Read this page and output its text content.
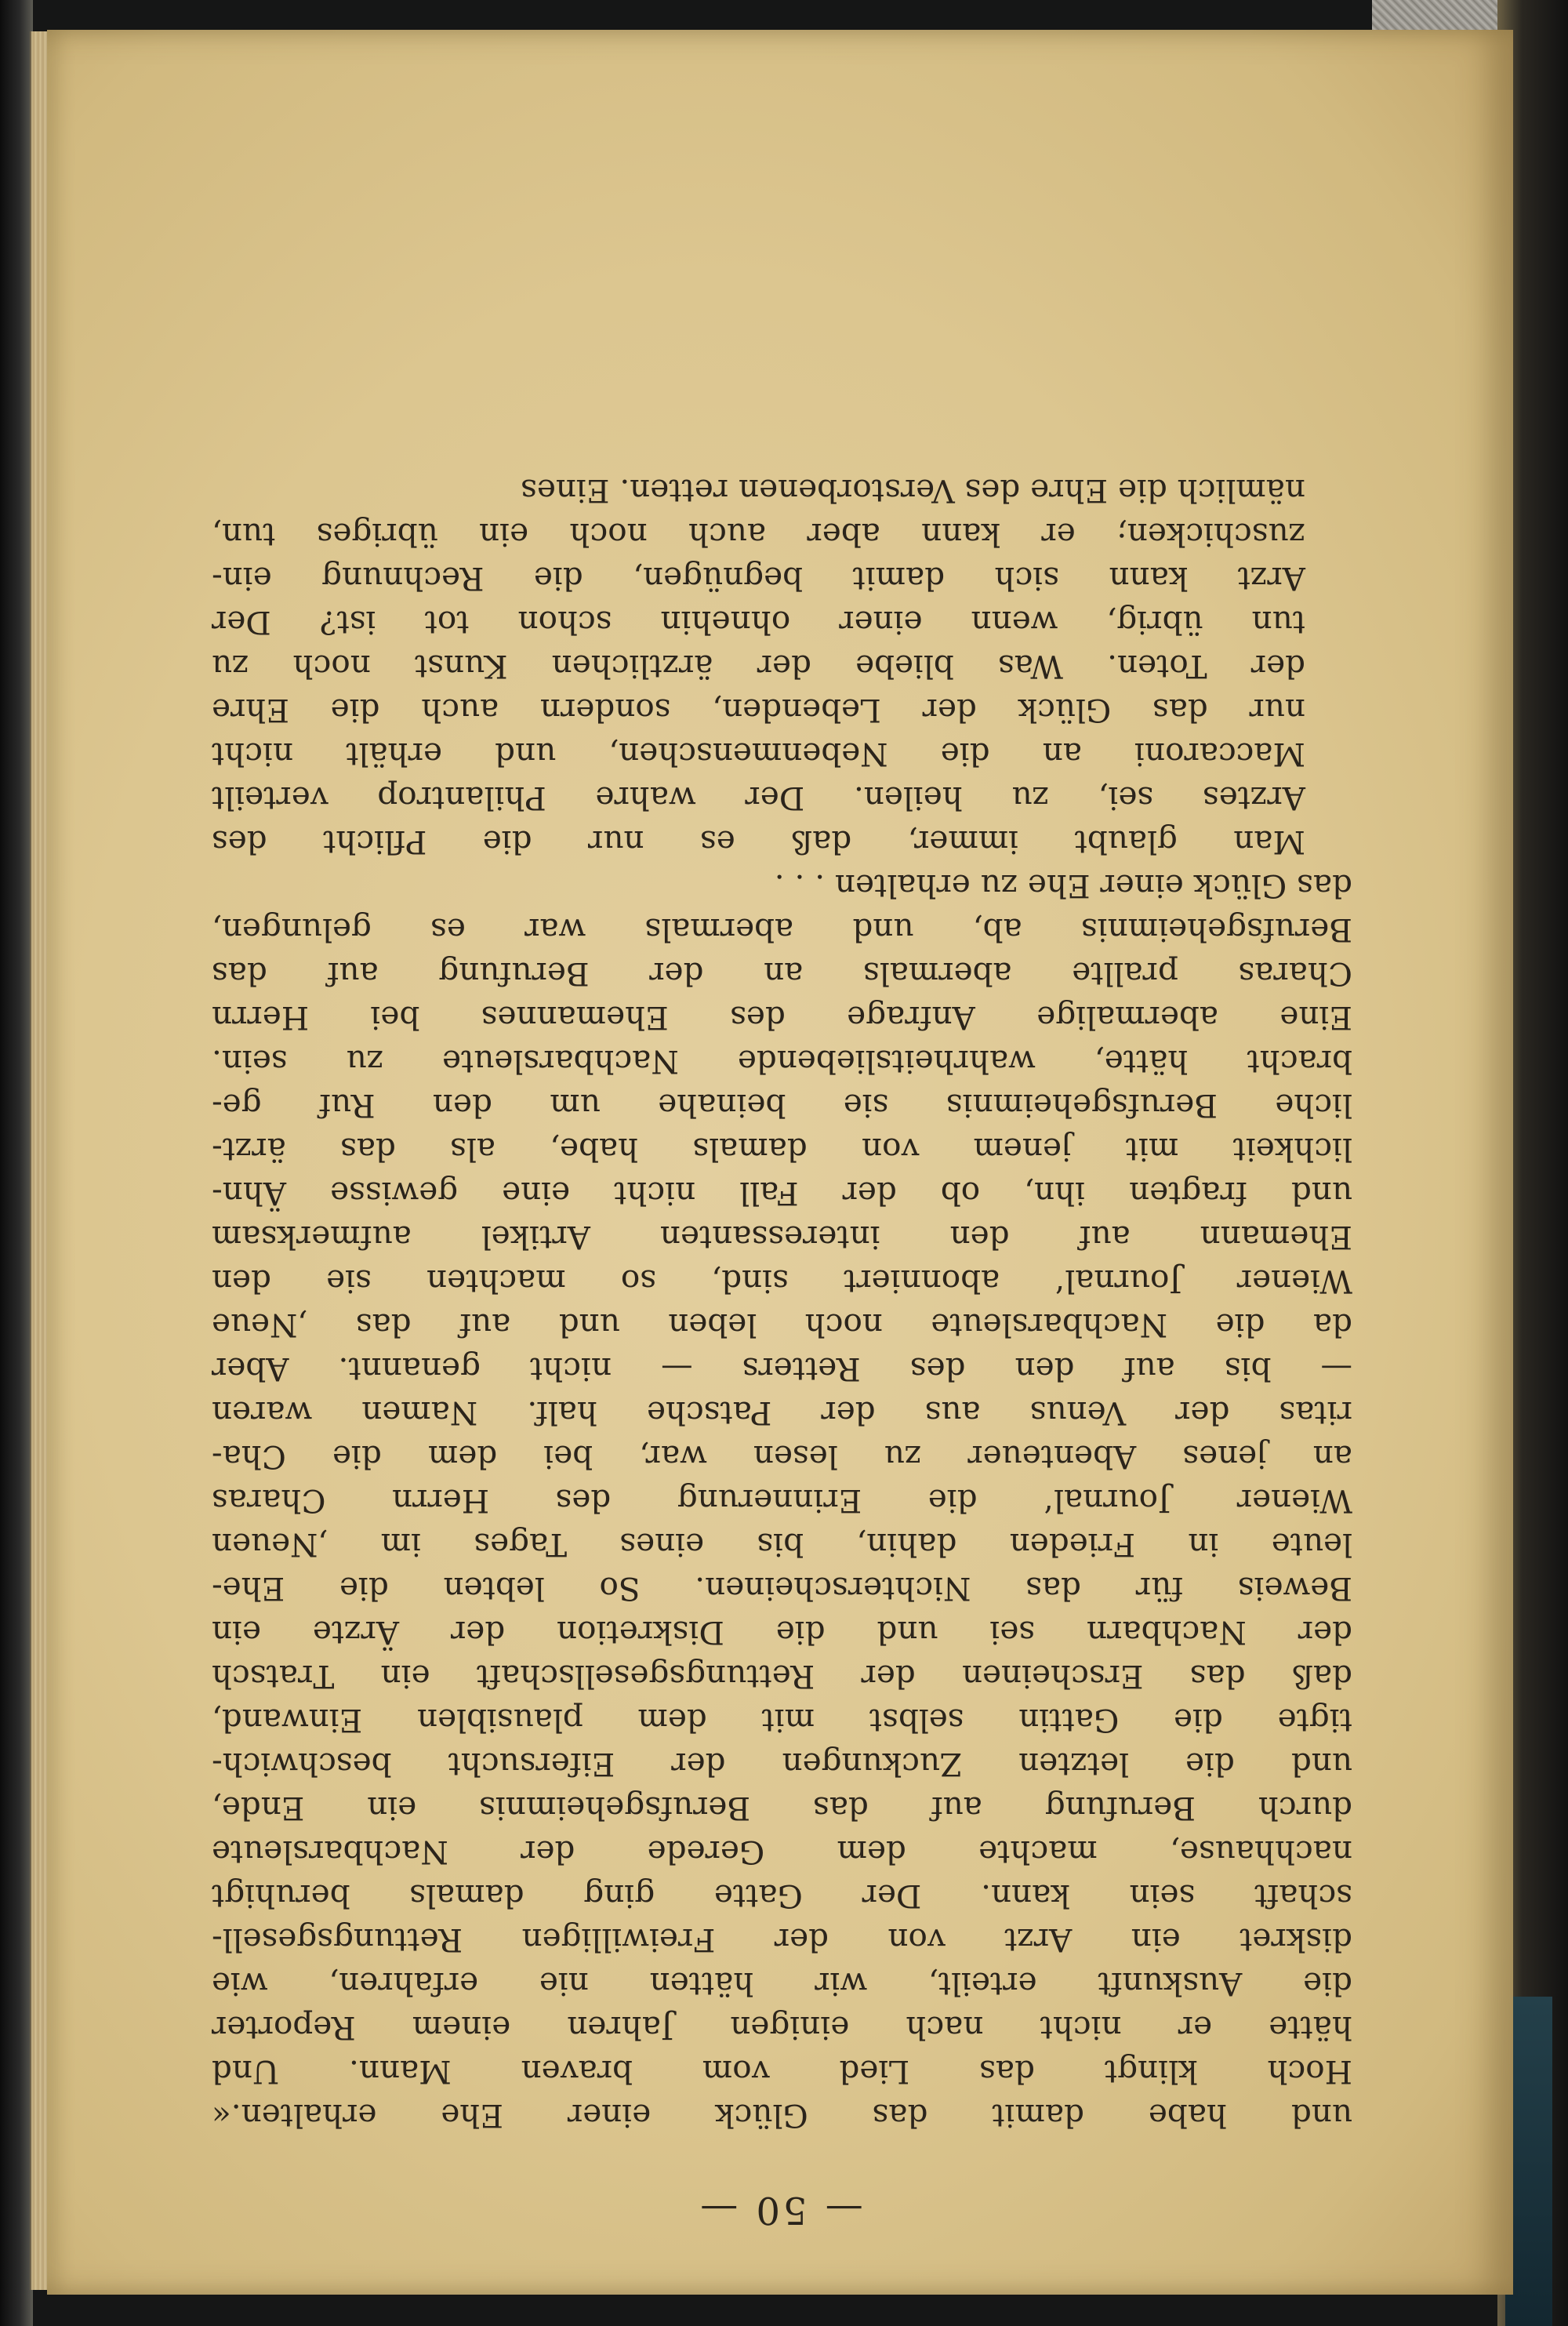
— 50 —

und habe damit das Glück einer Ehe erhalten.«
Hoch klingt das Lied vom braven Mann. Und
hätte er nicht nach einigen Jahren einem Reporter
die Auskunft erteilt, wir hätten nie erfahren, wie
diskret ein Arzt von der Freiwilligen Rettungsgesell-
schaft sein kann. Der Gatte ging damals beruhigt
nachhause, machte dem Gerede der Nachbarsleute
durch Berufung auf das Berufsgeheimnis ein Ende,
und die letzten Zuckungen der Eifersucht beschwich-
tigte die Gattin selbst mit dem plausiblen Einwand,
daß das Erscheinen der Rettungsgesellschaft ein Tratsch
der Nachbarn sei und die Diskretion der Ärzte ein
Beweis für das Nichterscheinen. So lebten die Ehe-
leute in Frieden dahin, bis eines Tages im ‚Neuen
Wiener Journal‘ die Erinnerung des Herrn Charas
an jenes Abenteuer zu lesen war, bei dem die Cha-
ritas der Venus aus der Patsche half. Namen waren
— bis auf den des Retters — nicht genannt. Aber
da die Nachbarsleute noch leben und auf das ‚Neue
Wiener Journal‘ abonniert sind, so machten sie den
Ehemann auf den interessanten Artikel aufmerksam
und fragten ihn, ob der Fall nicht eine gewisse Ähn-
lichkeit mit jenem von damals habe, als das ärzt-
liche Berufsgeheimnis sie beinahe um den Ruf ge-
bracht hätte, wahrheitsliebende Nachbarsleute zu sein.
Eine abermalige Anfrage des Ehemannes bei Herrn
Charas prallte abermals an der Berufung auf das
Berufsgeheimnis ab, und abermals war es gelungen,
das Glück einer Ehe zu erhalten . . .

Man glaubt immer, daß es nur die Pflicht des
Arztes sei, zu heilen. Der wahre Philantrop verteilt
Maccaroni an die Nebenmenschen, und erhält nicht
nur das Glück der Lebenden, sondern auch die Ehre
der Toten. Was bliebe der ärztlichen Kunst noch zu
tun übrig, wenn einer ohnehin schon tot ist? Der
Arzt kann sich damit begnügen, die Rechnung ein-
zuschicken; er kann aber auch noch ein übriges tun,
nämlich die Ehre des Verstorbenen retten. Eines
